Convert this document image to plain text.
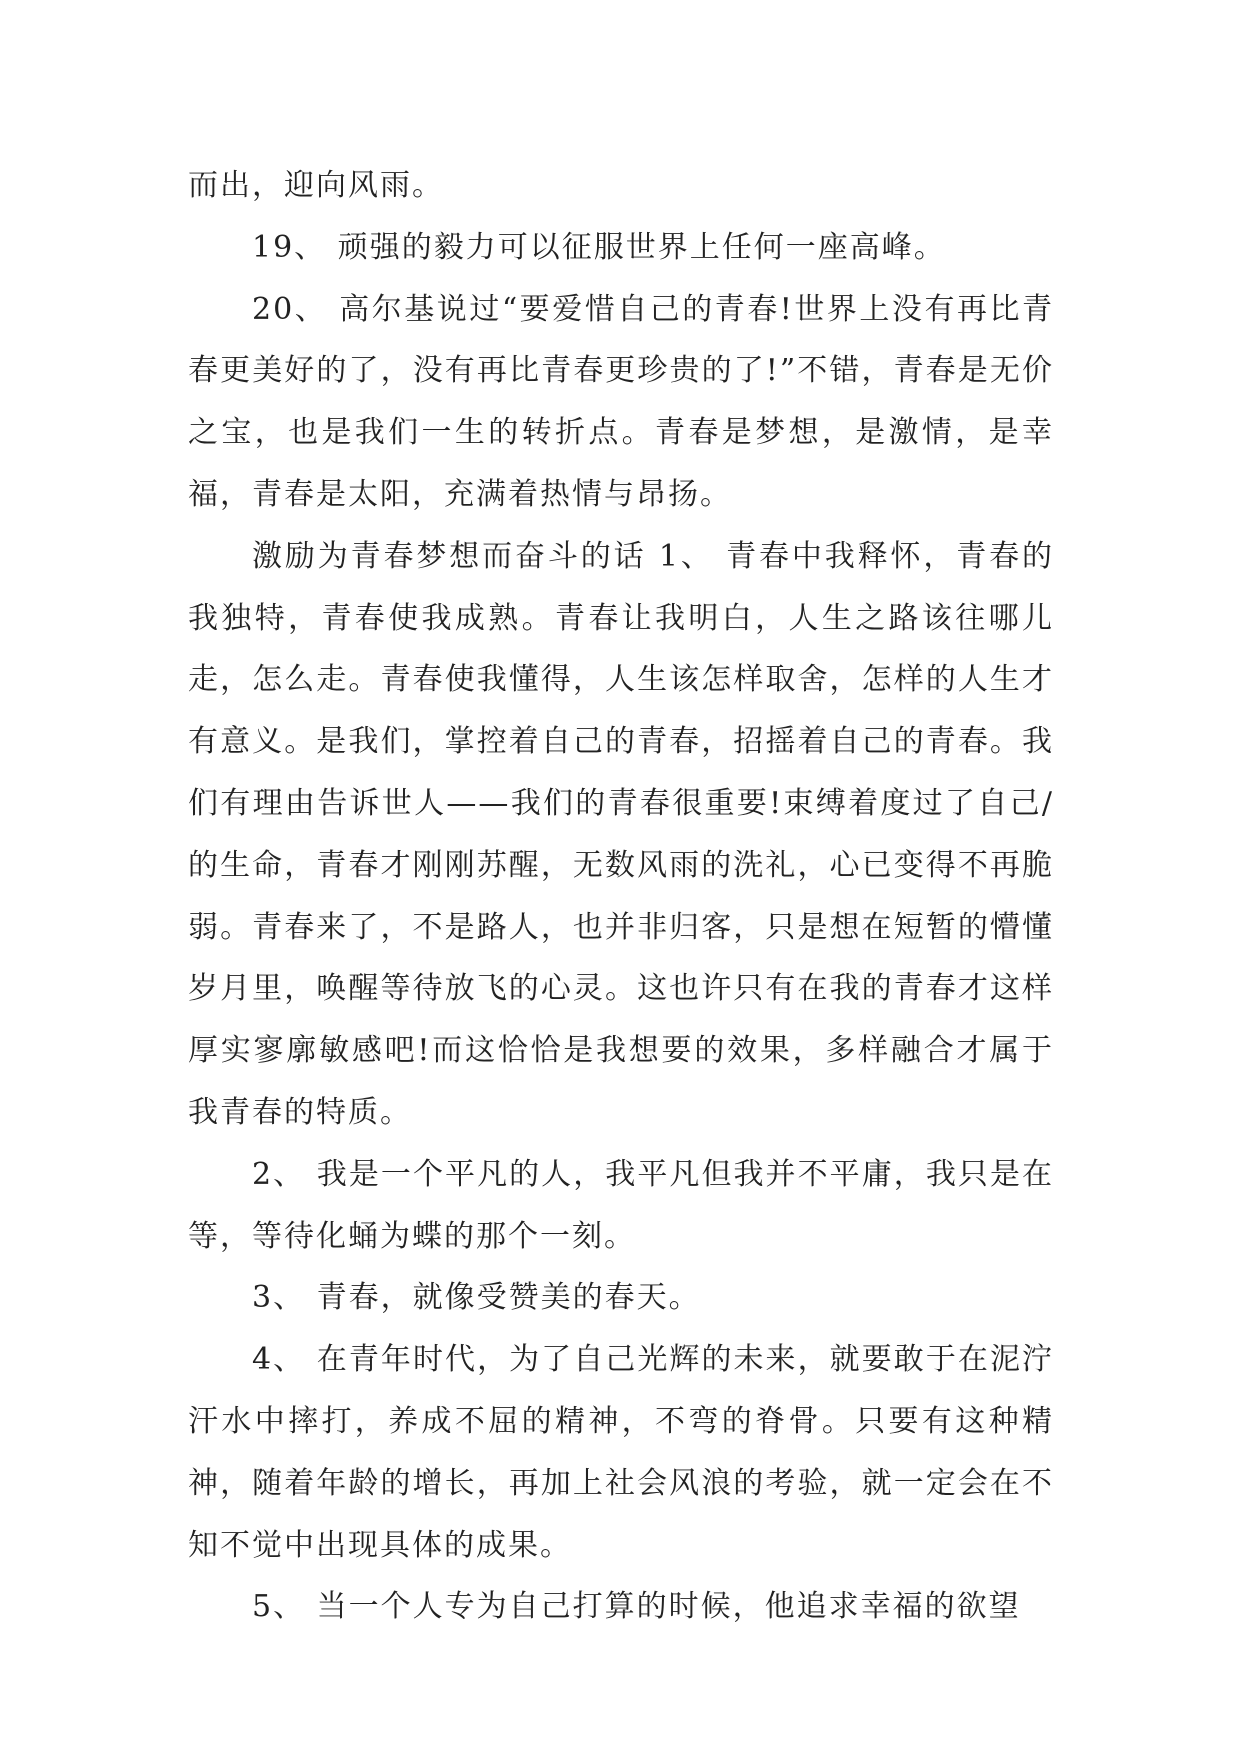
而出，迎向风雨。

19、 顽强的毅力可以征服世界上任何一座高峰。

20、 高尔基说过“要爱惜自己的青春!世界上没有再比青春更美好的了，没有再比青春更珍贵的了!”不错，青春是无价之宝，也是我们一生的转折点。青春是梦想，是激情，是幸福，青春是太阳，充满着热情与昂扬。

激励为青春梦想而奋斗的话 1、 青春中我释怀，青春的我独特，青春使我成熟。青春让我明白，人生之路该往哪儿走，怎么走。青春使我懂得，人生该怎样取舍，怎样的人生才有意义。是我们，掌控着自己的青春，招摇着自己的青春。我们有理由告诉世人——我们的青春很重要!束缚着度过了自己/的生命，青春才刚刚苏醒，无数风雨的洗礼，心已变得不再脆弱。青春来了，不是路人，也并非归客，只是想在短暂的懵懂岁月里，唤醒等待放飞的心灵。这也许只有在我的青春才这样厚实寥廓敏感吧!而这恰恰是我想要的效果，多样融合才属于我青春的特质。

2、 我是一个平凡的人，我平凡但我并不平庸，我只是在等，等待化蛹为蝶的那个一刻。

3、 青春，就像受赞美的春天。

4、 在青年时代，为了自己光辉的未来，就要敢于在泥泞汗水中摔打，养成不屈的精神，不弯的脊骨。只要有这种精神，随着年龄的增长，再加上社会风浪的考验，就一定会在不知不觉中出现具体的成果。

5、 当一个人专为自己打算的时候，他追求幸福的欲望
